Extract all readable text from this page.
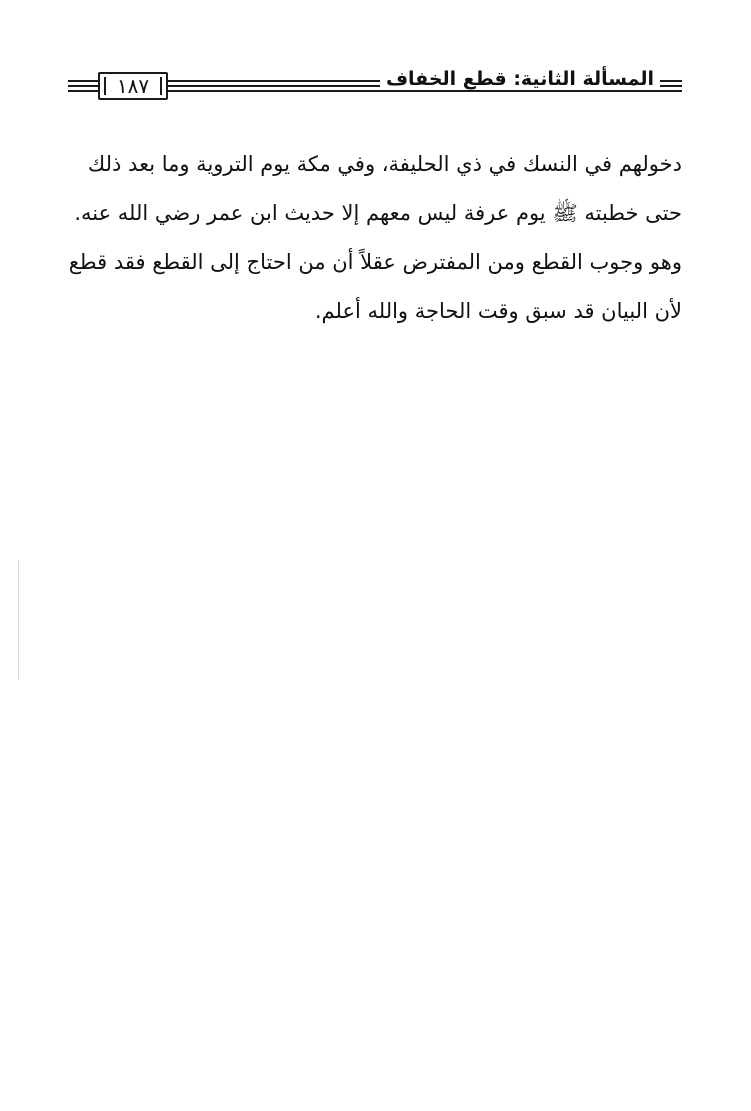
١٨٧	المسألة الثانية: قطع الخفاف
دخولهم في النسك في ذي الحليفة، وفي مكة يوم التروية وما بعد ذلك
حتى خطبته ﷺ يوم عرفة ليس معهم إلا حديث ابن عمر رضي الله عنه.
وهو وجوب القطع ومن المفترض عقلاً أن من احتاج إلى القطع فقد قطع
لأن البيان قد سبق وقت الحاجة والله أعلم.
